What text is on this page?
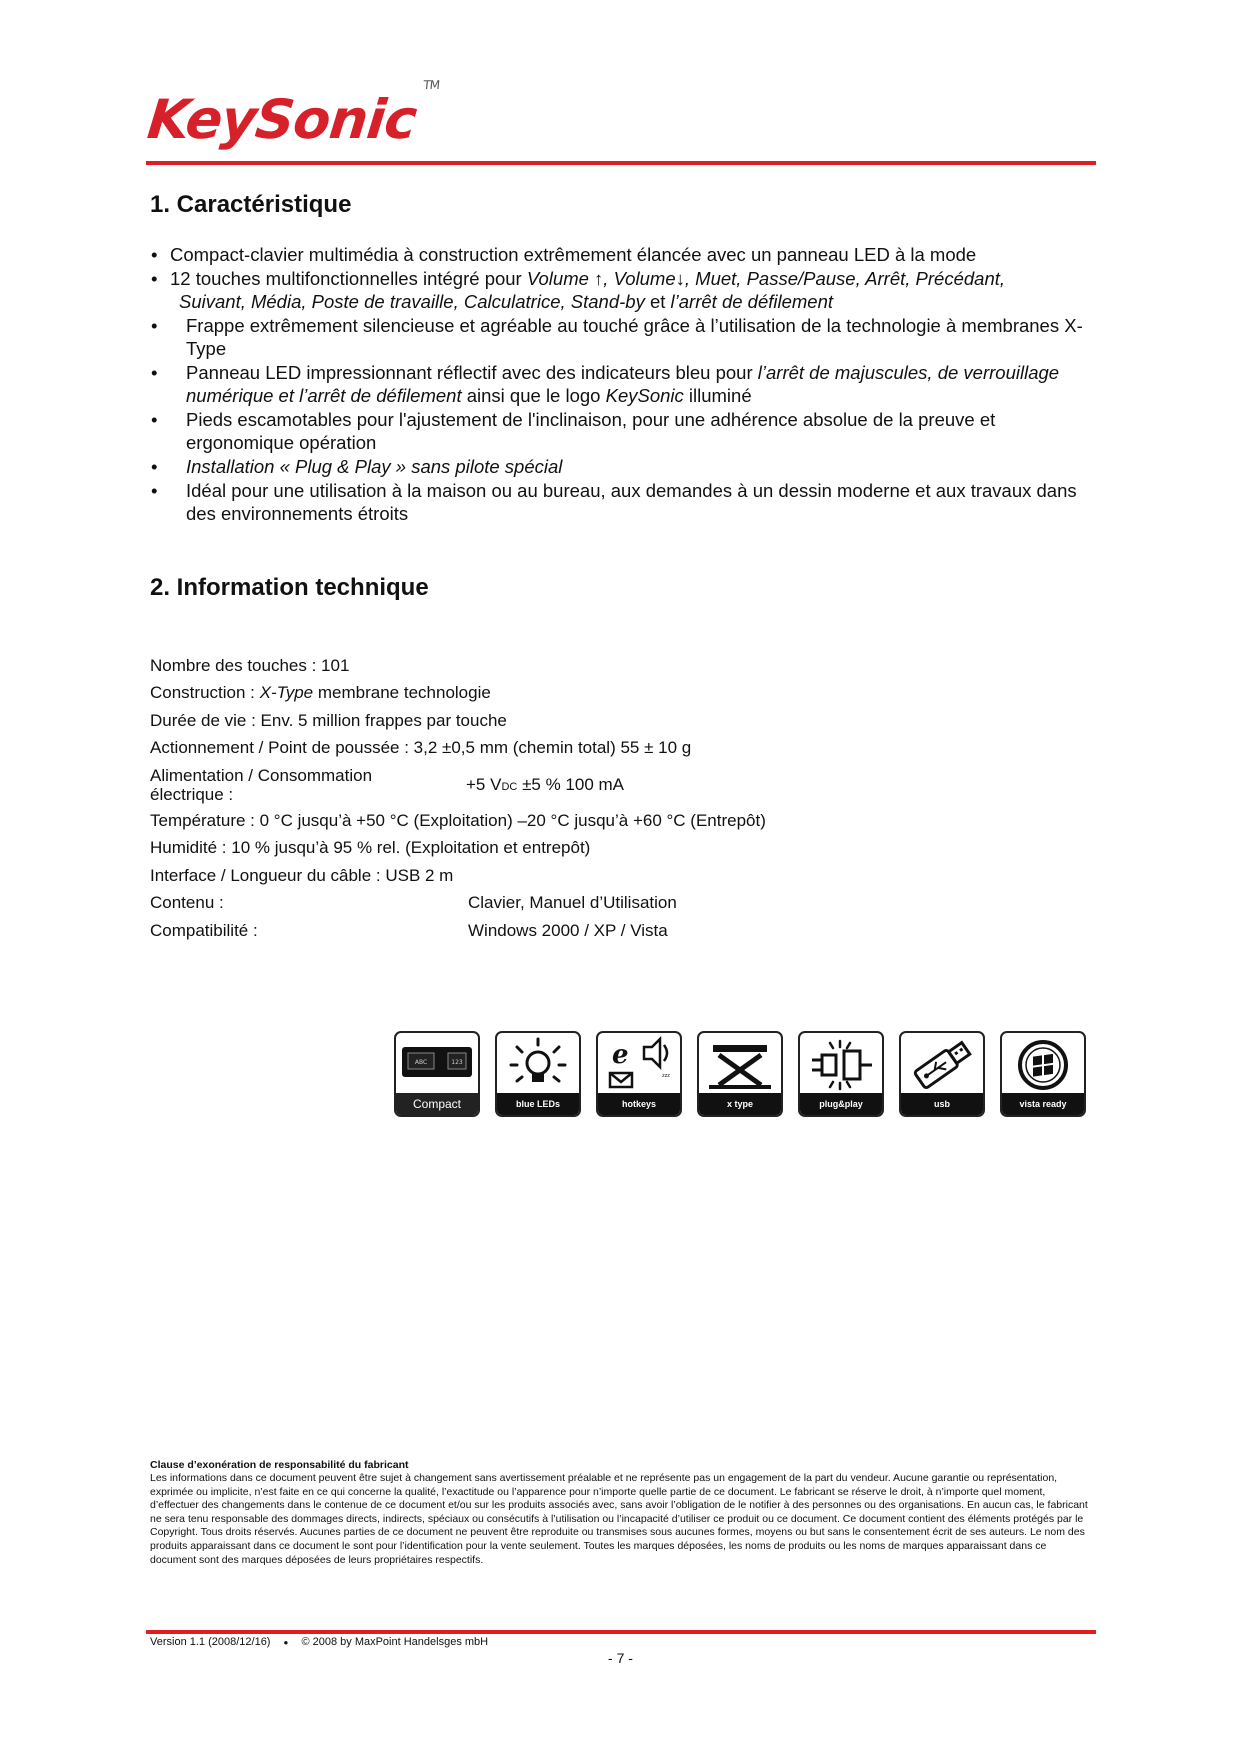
KeySonic™
1. Caractéristique
• Compact-clavier multimédia à construction extrêmement élancée avec un panneau LED à la mode
• 12 touches multifonctionnelles intégré pour Volume ↑, Volume↓, Muet, Passe/Pause, Arrêt, Précédant,
Suivant, Média, Poste de travaille, Calculatrice, Stand-by et l’arrêt de défilement
• Frappe extrêmement silencieuse et agréable au touché grâce à l’utilisation de la technologie à membranes X-Type
• Panneau LED impressionnant réflectif avec des indicateurs bleu pour l’arrêt de majuscules, de verrouillage numérique et l’arrêt de défilement ainsi que le logo KeySonic illuminé
• Pieds escamotables pour l'ajustement de l'inclinaison, pour une adhérence absolue de la preuve et ergonomique opération
• Installation « Plug & Play » sans pilote spécial
• Idéal pour une utilisation à la maison ou au bureau, aux demandes à un dessin moderne et aux travaux dans des environnements étroits
2. Information technique
Nombre des touches : 101
Construction : X-Type membrane technologie
Durée de vie : Env. 5 million frappes par touche
Actionnement / Point de poussée : 3,2 ±0,5 mm (chemin total) 55 ± 10 g
Alimentation / Consommation
électrique :
+5 VDC ±5 % 100 mA
Température : 0 °C jusqu’à +50 °C (Exploitation) –20 °C jusqu’à +60 °C (Entrepôt)
Humidité : 10 % jusqu’à 95 % rel. (Exploitation et entrepôt)
Interface / Longueur du câble : USB 2 m
Contenu :	Clavier, Manuel d’Utilisation
Compatibilité :	Windows 2000 / XP / Vista
ABC	123
Compact	blue LEDs
e
zzz
hotkeys	x type	plug&play	usb	vista ready
Clause d’exonération de responsabilité du fabricant
Les informations dans ce document peuvent être sujet à changement sans avertissement préalable et ne représente pas un engagement de la part du vendeur. Aucune garantie ou représentation, exprimée ou implicite, n’est faite en ce qui concerne la qualité, l’exactitude ou l’apparence pour n’importe quelle partie de ce document. Le fabricant se réserve le droit, à n’importe quel moment, d’effectuer des changements dans le contenue de ce document et/ou sur les produits associés avec, sans avoir l’obligation de le notifier à des personnes ou des organisations. En aucun cas, le fabricant ne sera tenu responsable des dommages directs, indirects, spéciaux ou consécutifs à l’utilisation ou l’incapacité d’utiliser ce produit ou ce document. Ce document contient des éléments protégés par le Copyright. Tous droits réservés. Aucunes parties de ce document ne peuvent être reproduite ou transmises sous aucunes formes, moyens ou but sans le consentement écrit de ses auteurs. Le nom des produits apparaissant dans ce document le sont pour l’identification pour la vente seulement. Toutes les marques déposées, les noms de produits ou les noms de marques apparaissant dans ce document sont des marques déposées de leurs propriétaires respectifs.
Version 1.1 (2008/12/16) ● © 2008 by MaxPoint Handelsges mbH
- 7 -
